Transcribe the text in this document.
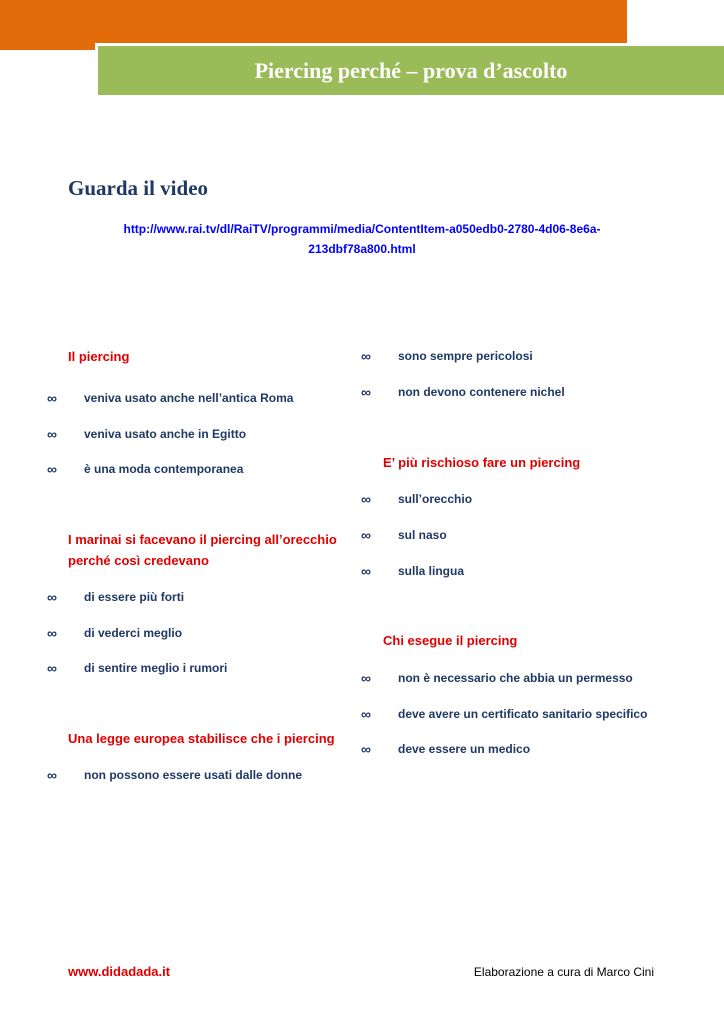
Piercing perché – prova d’ascolto
Guarda il video
http://www.rai.tv/dl/RaiTV/programmi/media/ContentItem-a050edb0-2780-4d06-8e6a-
213dbf78a800.html
Il piercing
∞ veniva usato anche nell’antica Roma
∞ veniva usato anche in Egitto
∞ è una moda contemporanea
I marinai si facevano il piercing all’orecchio
perché così credevano
∞ di essere più forti
∞ di vederci meglio
∞ di sentire meglio i rumori
Una legge europea stabilisce che i piercing
∞ non possono essere usati dalle donne
∞ sono sempre pericolosi
∞ non devono contenere nichel
E’ più rischioso fare un piercing
∞ sull’orecchio
∞ sul naso
∞ sulla lingua
Chi esegue il piercing
∞ non è necessario che abbia un permesso
∞ deve avere un certificato sanitario specifico
∞ deve essere un medico
www.didadada.it	Elaborazione a cura di Marco Cini
